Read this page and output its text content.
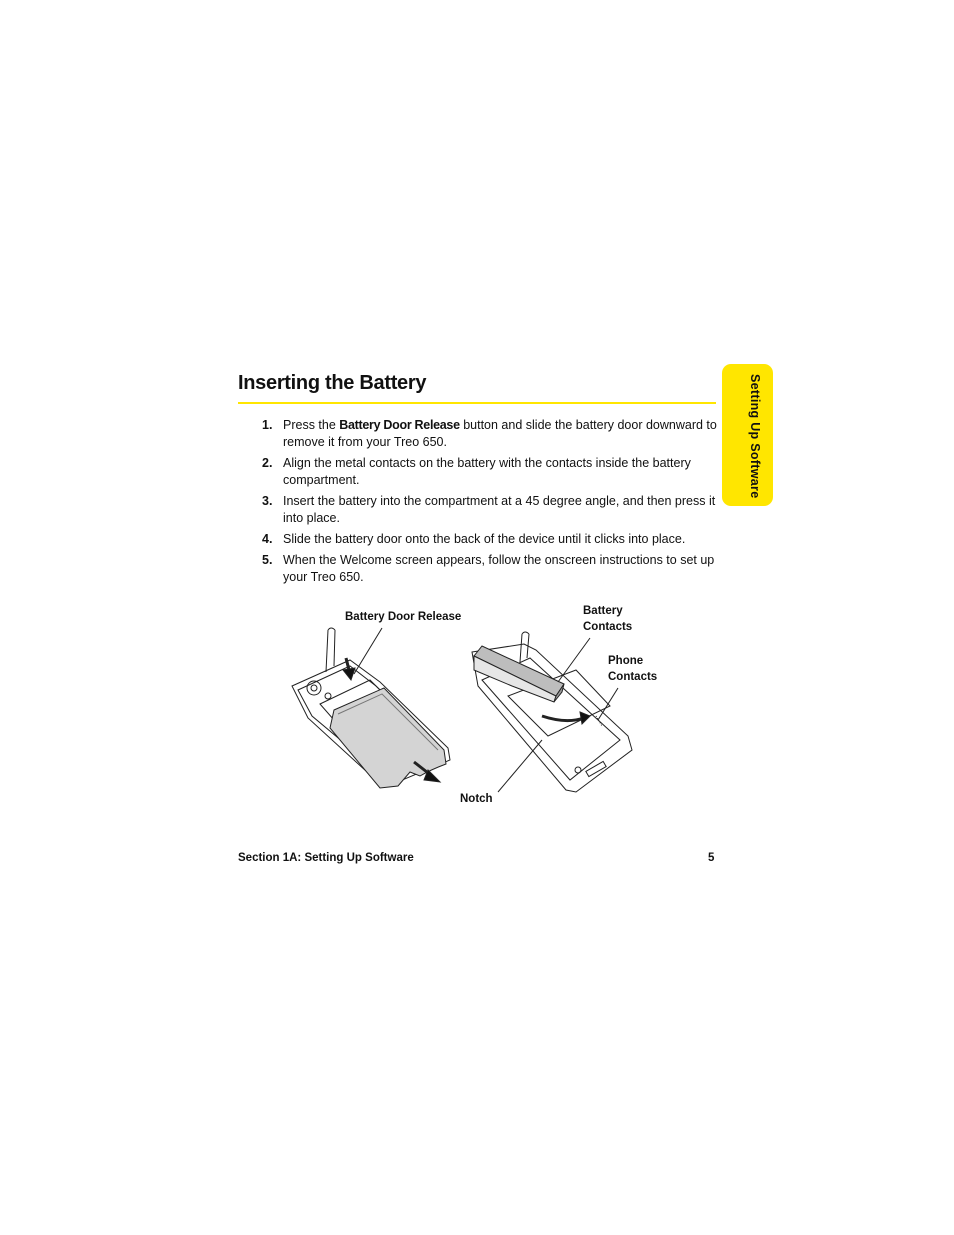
Setting Up Software
Inserting the Battery
1. Press the Battery Door Release button and slide the battery door downward to remove it from your Treo 650.
2. Align the metal contacts on the battery with the contacts inside the battery compartment.
3. Insert the battery into the compartment at a 45 degree angle, and then press it into place.
4. Slide the battery door onto the back of the device until it clicks into place.
5. When the Welcome screen appears, follow the onscreen instructions to set up your Treo 650.
Battery Door Release	Battery
Contacts
Phone
Contacts
Notch
Section 1A: Setting Up Software	5
